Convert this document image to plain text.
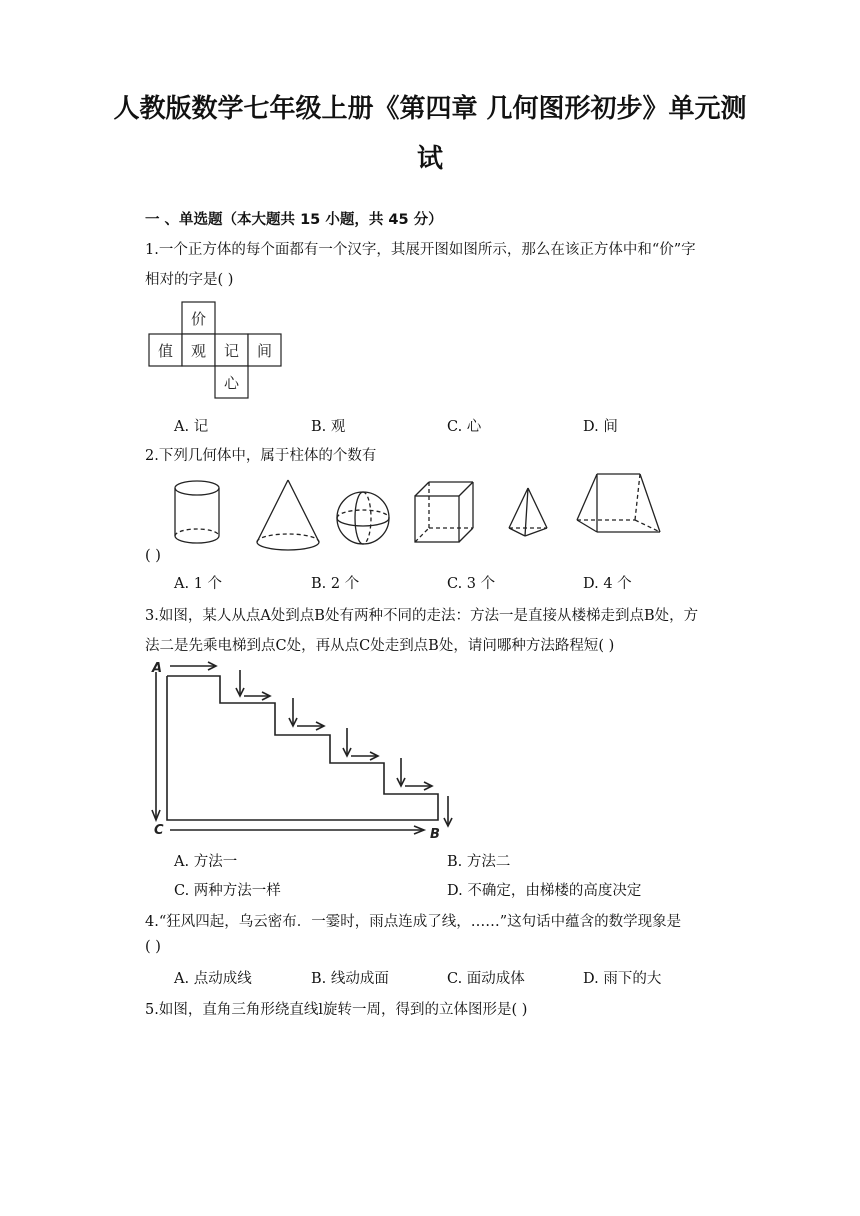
人教版数学七年级上册《第四章 几何图形初步》单元测
试
一 、单选题（本大题共 15 小题，共 45 分）
1.一个正方体的每个面都有一个汉字，其展开图如图所示，那么在该正方体中和“价”字
相对的字是( )
价
值 观 记 间
心
A. 记	B. 观	C. 心	D. 间
2.下列几何体中，属于柱体的个数有
( )
A. 1 个	B. 2 个	C. 3 个	D. 4 个
3.如图，某人从点A处到点B处有两种不同的走法：方法一是直接从楼梯走到点B处，方
法二是先乘电梯到点C处，再从点C处走到点B处，请问哪种方法路程短( )
A
C	B
A. 方法一	B. 方法二
C. 两种方法一样	D. 不确定，由梯楼的高度决定
4.“狂风四起，乌云密布．一霎时，雨点连成了线，……”这句话中蕴含的数学现象是
( )
A. 点动成线	B. 线动成面	C. 面动成体	D. 雨下的大
5.如图，直角三角形绕直线l旋转一周，得到的立体图形是( )
